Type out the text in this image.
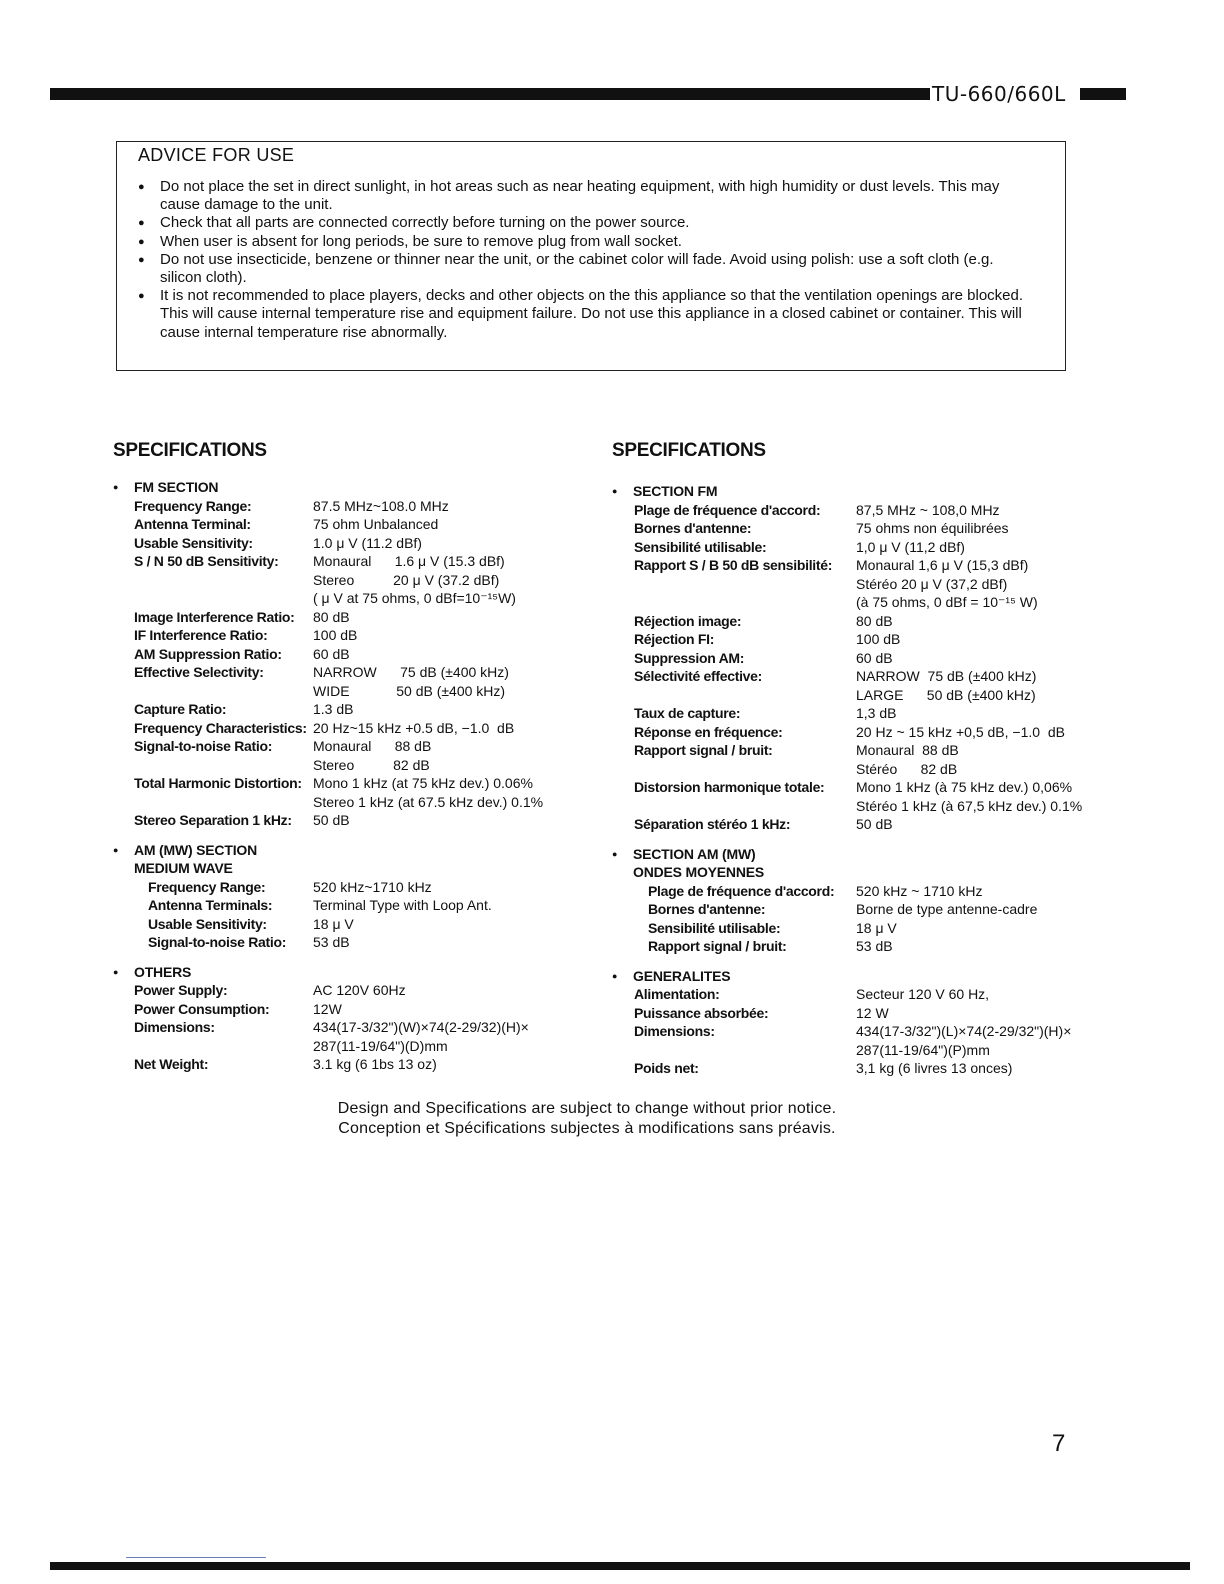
TU-660/660L
ADVICE FOR USE
● Do not place the set in direct sunlight, in hot areas such as near heating equipment, with high humidity or dust levels. This may cause damage to the unit.
● Check that all parts are connected correctly before turning on the power source.
● When user is absent for long periods, be sure to remove plug from wall socket.
● Do not use insecticide, benzene or thinner near the unit, or the cabinet color will fade. Avoid using polish: use a soft cloth (e.g. silicon cloth).
● It is not recommended to place players, decks and other objects on the this appliance so that the ventilation openings are blocked.
This will cause internal temperature rise and equipment failure. Do not use this appliance in a closed cabinet or container. This will cause internal temperature rise abnormally.
SPECIFICATIONS
● FM SECTION
Frequency Range:	87.5 MHz~108.0 MHz
Antenna Terminal:	75 ohm Unbalanced
Usable Sensitivity:	1.0 μ V (11.2 dBf)
S / N 50 dB Sensitivity:	Monaural      1.6 μ V (15.3 dBf)
Stereo          20 μ V (37.2 dBf)
( μ V at 75 ohms, 0 dBf=10⁻¹⁵W)
Image Interference Ratio:	80 dB
IF Interference Ratio:	100 dB
AM Suppression Ratio:	60 dB
Effective Selectivity:	NARROW      75 dB (±400 kHz)
WIDE            50 dB (±400 kHz)
Capture Ratio:	1.3 dB
Frequency Characteristics: 20 Hz~15 kHz +0.5 dB, −1.0  dB
Signal-to-noise Ratio:	Monaural      88 dB
Stereo          82 dB
Total Harmonic Distortion: Mono 1 kHz (at 75 kHz dev.) 0.06%
Stereo 1 kHz (at 67.5 kHz dev.) 0.1%
Stereo Separation 1 kHz:	50 dB
● AM (MW) SECTION
MEDIUM WAVE
Frequency Range:	520 kHz~1710 kHz
Antenna Terminals:	Terminal Type with Loop Ant.
Usable Sensitivity:	18 μ V
Signal-to-noise Ratio:	53 dB
● OTHERS
Power Supply:	AC 120V 60Hz
Power Consumption:	12W
Dimensions:	434(17-3/32")(W)×74(2-29/32)(H)×
287(11-19/64")(D)mm
Net Weight:	3.1 kg (6 1bs 13 oz)
SPECIFICATIONS
● SECTION FM
Plage de fréquence d'accord:	87,5 MHz ~ 108,0 MHz
Bornes d'antenne:	75 ohms non équilibrées
Sensibilité utilisable:	1,0 μ V (11,2 dBf)
Rapport S / B 50 dB sensibilité:	Monaural 1,6 μ V (15,3 dBf)
Stéréo 20 μ V (37,2 dBf)
(à 75 ohms, 0 dBf = 10⁻¹⁵ W)
Réjection image:	80 dB
Réjection FI:	100 dB
Suppression AM:	60 dB
Sélectivité effective:	NARROW  75 dB (±400 kHz)
LARGE      50 dB (±400 kHz)
Taux de capture:	1,3 dB
Réponse en fréquence:	20 Hz ~ 15 kHz +0,5 dB, −1.0  dB
Rapport signal / bruit:	Monaural  88 dB
Stéréo      82 dB
Distorsion harmonique totale:	Mono 1 kHz (à 75 kHz dev.) 0,06%
Stéréo 1 kHz (à 67,5 kHz dev.) 0.1%
Séparation stéréo 1 kHz:	50 dB
● SECTION AM (MW)
ONDES MOYENNES
Plage de fréquence d'accord:	520 kHz ~ 1710 kHz
Bornes d'antenne:	Borne de type antenne-cadre
Sensibilité utilisable:	18 μ V
Rapport signal / bruit:	53 dB
● GENERALITES
Alimentation:	Secteur 120 V 60 Hz,
Puissance absorbée:	12 W
Dimensions:	434(17-3/32")(L)×74(2-29/32")(H)×
287(11-19/64")(P)mm
Poids net:	3,1 kg (6 livres 13 onces)
Design and Specifications are subject to change without prior notice.
Conception et Spécifications subjectes à modifications sans préavis.
7
